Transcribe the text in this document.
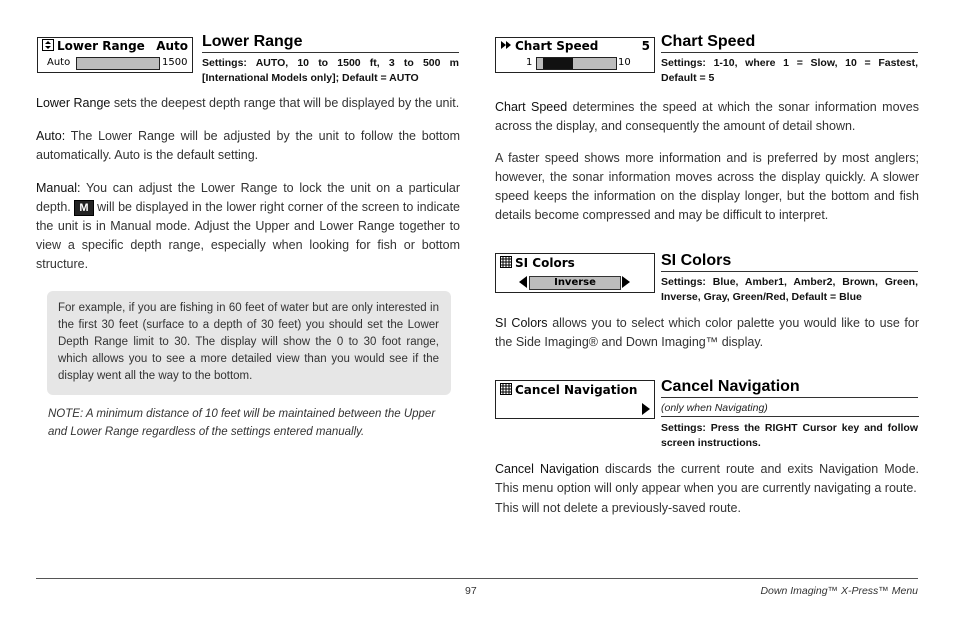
Lower Range Auto
Auto	1500
Lower Range
Settings: AUTO, 10 to 1500 ft, 3 to 500 m [International Models only]; Default = AUTO
Lower Range sets the deepest depth range that will be displayed by the unit.
Auto: The Lower Range will be adjusted by the unit to follow the bottom automatically. Auto is the default setting.
Manual: You can adjust the Lower Range to lock the unit on a particular depth. M will be displayed in the lower right corner of the screen to indicate the unit is in Manual mode. Adjust the Upper and Lower Range together to view a specific depth range, especially when looking for fish or bottom structure.
For example, if you are fishing in 60 feet of water but are only interested in the first 30 feet (surface to a depth of 30 feet) you should set the Lower Depth Range limit to 30. The display will show the 0 to 30 foot range, which allows you to see a more detailed view than you would see if the display went all the way to the bottom.
NOTE: A minimum distance of 10 feet will be maintained between the Upper and Lower Range regardless of the settings entered manually.
Chart Speed	5
1	10
Chart Speed
Settings: 1-10, where 1 = Slow, 10 = Fastest, Default = 5
Chart Speed determines the speed at which the sonar information moves across the display, and consequently the amount of detail shown.
A faster speed shows more information and is preferred by most anglers; however, the sonar information moves across the display quickly. A slower speed keeps the information on the display longer, but the bottom and fish details become compressed and may be difficult to interpret.
SI Colors
Inverse
SI Colors
Settings: Blue, Amber1, Amber2, Brown, Green, Inverse, Gray, Green/Red, Default = Blue
SI Colors allows you to select which color palette you would like to use for the Side Imaging® and Down Imaging™ display.
Cancel Navigation	Cancel Navigation
(only when Navigating)
Settings: Press the RIGHT Cursor key and follow screen instructions.
Cancel Navigation discards the current route and exits Navigation Mode. This menu option will only appear when you are currently navigating a route.
This will not delete a previously-saved route.
97	Down Imaging™ X-Press™ Menu
